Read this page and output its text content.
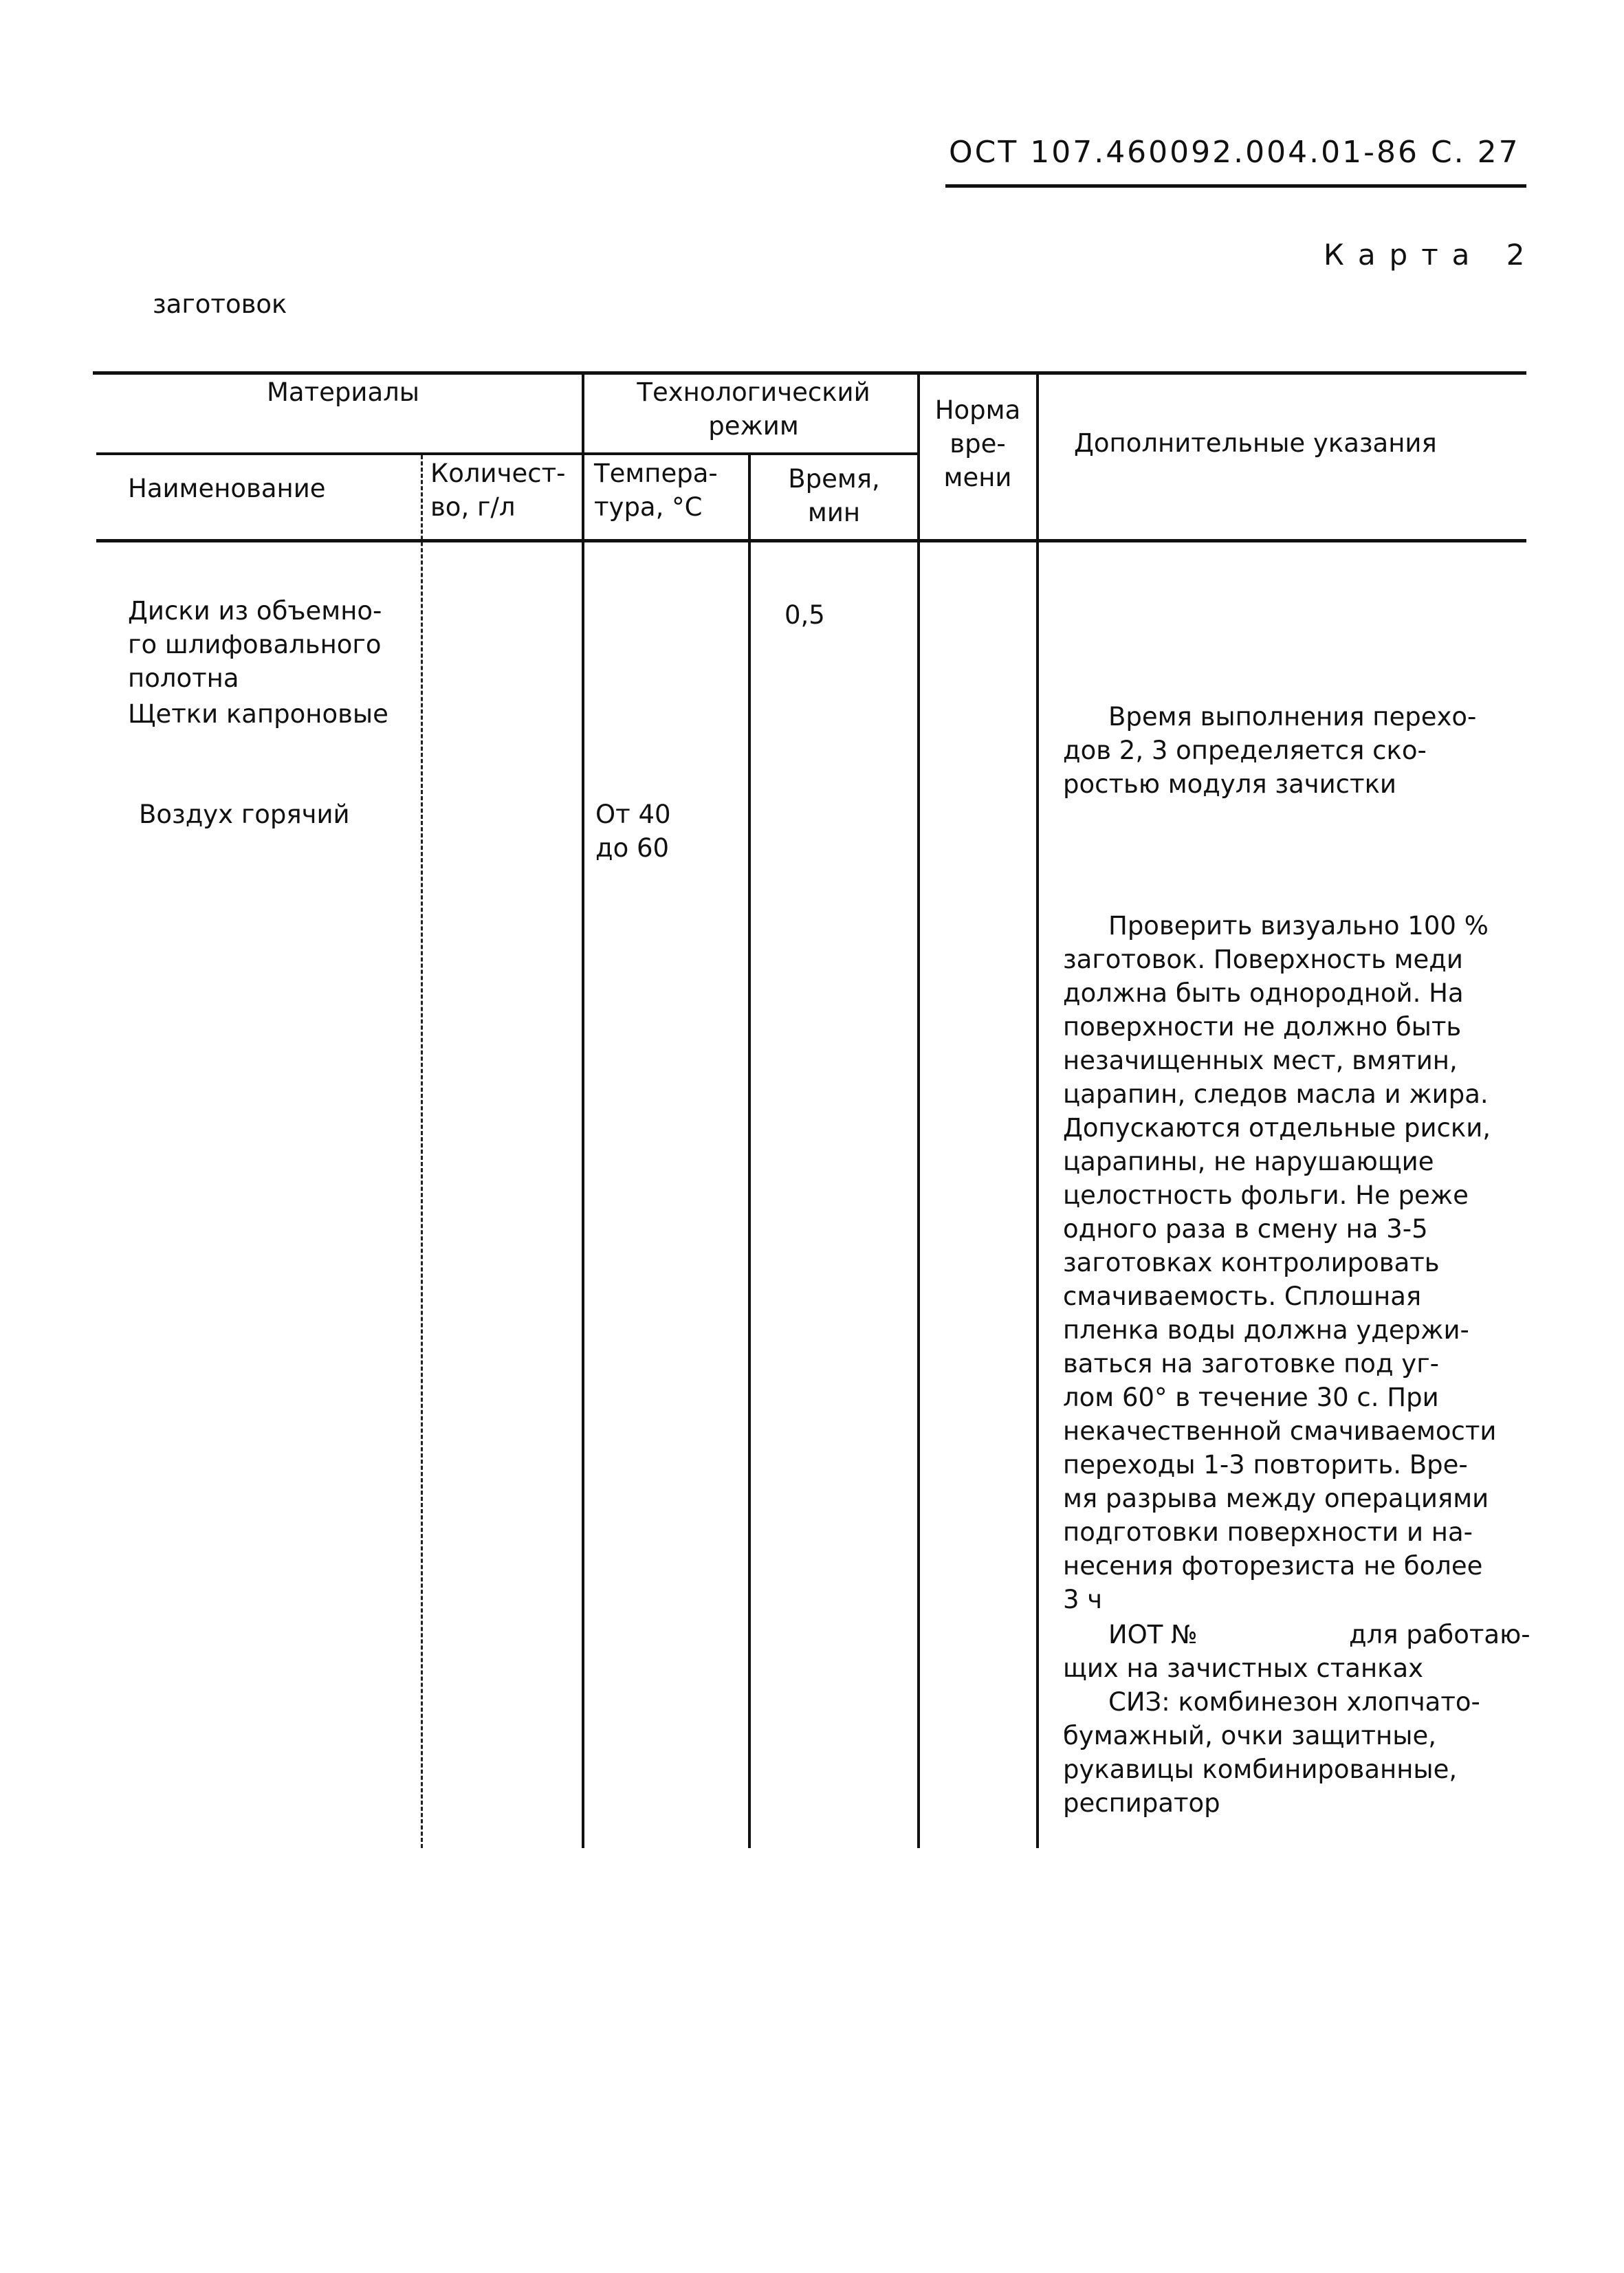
ОСТ 107.460092.004.01-86 С. 27
Карта 2
заготовок
Материалы	Технологический
режим
Норма
вре-
мени
Дополнительные указания
Наименование
Количест-
во, г/л
Темпера-
тура, °С
Время,
мин
Диски из объемно-
го шлифовального
полотна
Щетки капроновые
Воздух горячий
0,5
От 40
до 60
Время выполнения перехо-
дов 2, 3 определяется ско-
ростью модуля зачистки
Проверить визуально 100 %
заготовок. Поверхность меди
должна быть однородной. На
поверхности не должно быть
незачищенных мест, вмятин,
царапин, следов масла и жира.
Допускаются отдельные риски,
царапины, не нарушающие
целостность фольги. Не реже
одного раза в смену на 3-5
заготовках контролировать
смачиваемость. Сплошная
пленка воды должна удержи-
ваться на заготовке под уг-
лом 60° в течение 30 с. При
некачественной смачиваемости
переходы 1-3 повторить. Вре-
мя разрыва между операциями
подготовки поверхности и на-
несения фоторезиста не более
3 ч
ИОТ №	для работаю-
щих на зачистных станках
СИЗ: комбинезон хлопчато-
бумажный, очки защитные,
рукавицы комбинированные,
респиратор
